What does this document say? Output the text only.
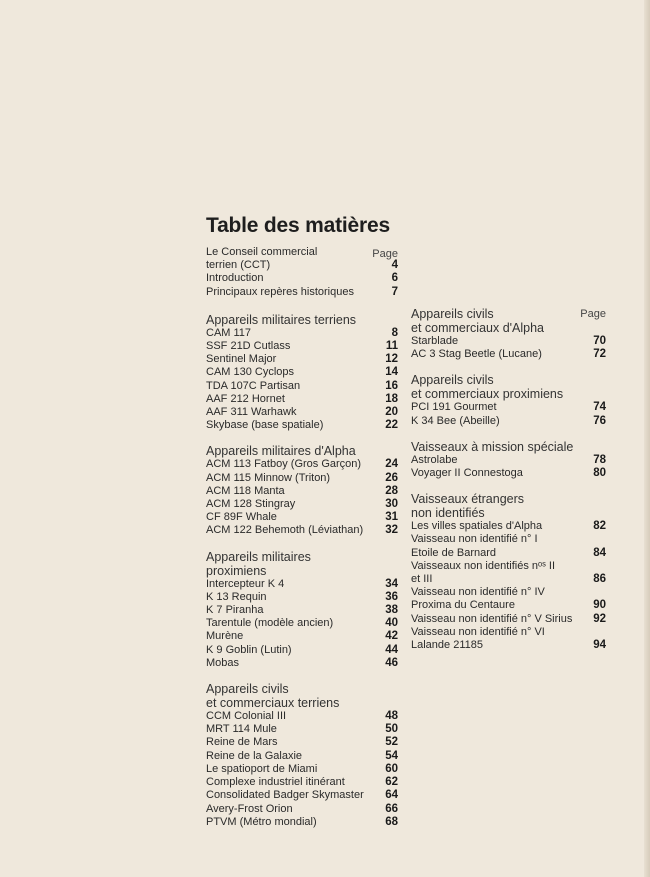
Table des matières
Page
Le Conseil commercial
terrien (CCT)	4
Introduction	6
Principaux repères historiques	7
Appareils militaires terriens
CAM 117	8
SSF 21D Cutlass	11
Sentinel Major	12
CAM 130 Cyclops	14
TDA 107C Partisan	16
AAF 212 Hornet	18
AAF 311 Warhawk	20
Skybase (base spatiale)	22
Appareils militaires d'Alpha
ACM 113 Fatboy (Gros Garçon)	24
ACM 115 Minnow (Triton)	26
ACM 118 Manta	28
ACM 128 Stingray	30
CF 89F Whale	31
ACM 122 Behemoth (Léviathan)	32
Appareils militaires
proximiens
Intercepteur K 4	34
K 13 Requin	36
K 7 Piranha	38
Tarentule (modèle ancien)	40
Murène	42
K 9 Goblin (Lutin)	44
Mobas	46
Appareils civils
et commerciaux terriens
CCM Colonial III	48
MRT 114 Mule	50
Reine de Mars	52
Reine de la Galaxie	54
Le spatioport de Miami	60
Complexe industriel itinérant	62
Consolidated Badger Skymaster	64
Avery-Frost Orion	66
PTVM (Métro mondial)	68
Appareils civils
et commerciaux d'Alpha
Page
Starblade	70
AC 3 Stag Beetle (Lucane)	72
Appareils civils
et commerciaux proximiens
PCI 191 Gourmet	74
K 34 Bee (Abeille)	76
Vaisseaux à mission spéciale
Astrolabe	78
Voyager II Connestoga	80
Vaisseaux étrangers
non identifiés
Les villes spatiales d'Alpha	82
Vaisseau non identifié n° I
Etoile de Barnard	84
Vaisseaux non identifiés nᵒˢ II
et III	86
Vaisseau non identifié n° IV
Proxima du Centaure	90
Vaisseau non identifié n° V Sirius	92
Vaisseau non identifié n° VI
Lalande 21185	94
